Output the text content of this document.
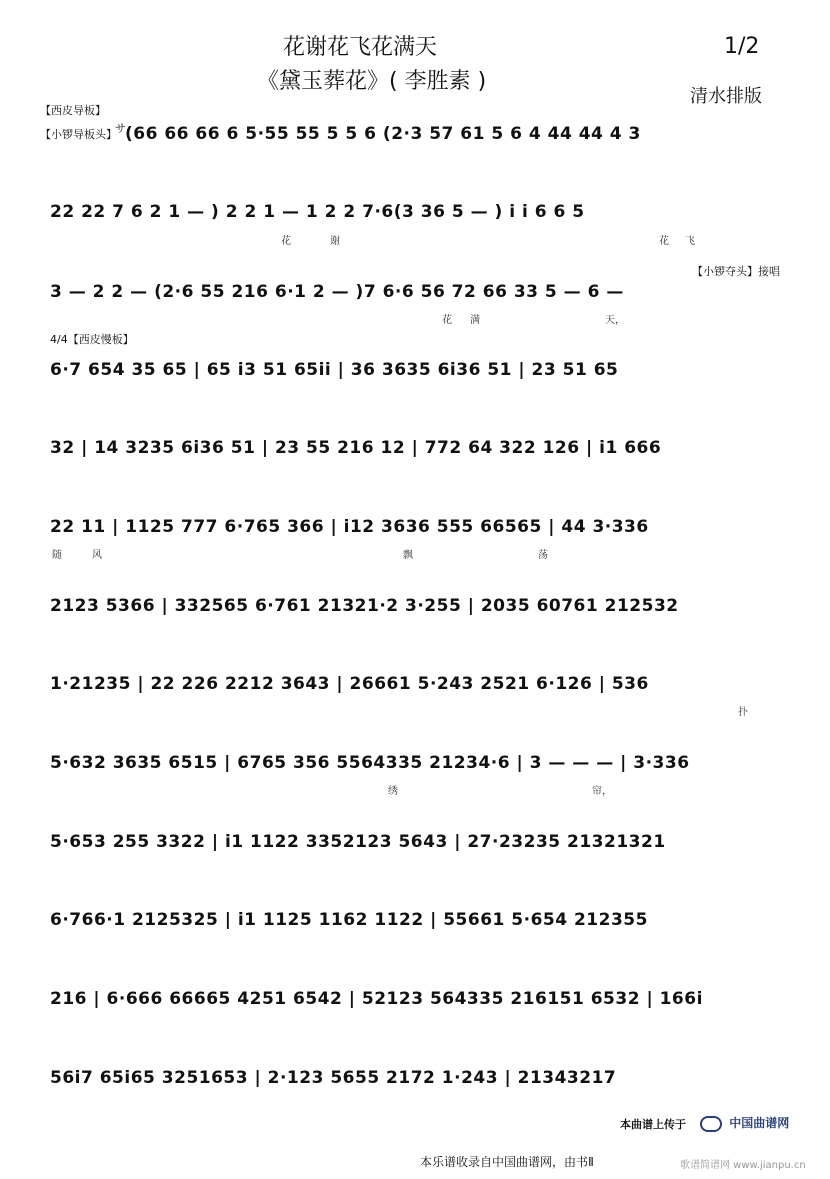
花谢花飞花满天
《黛玉葬花》( 李胜素 )
1/2
清水排版
【西皮导板】
【小锣导板头】
サ
【小锣夺头】接唱
4/4【西皮慢板】
(66 66 66 6 5·55 55 5 5 6 (2·3 57 61 5 6 4 44 44 4 3
22 22 7 6 2 1 — ) 2 2 1 — 1 2 2 7·6(3 36 5 — ) i i 6 6 5
3 — 2 2 — (2·6 55 216 6·1 2 — )7 6·6 56 72 66 33 5 — 6 —
6·7 654 35 65 | 65 i3 51 65ii | 36 3635 6i36 51 | 23 51 65
32 | 14 3235 6i36 51 | 23 55 216 12 | 772 64 322 126 | i1 666
22 11 | 1125 777 6·765 366 | i12 3636 555 66565 | 44 3·336
2123 5366 | 332565 6·761 21321·2 3·255 | 2035 60761 212532
1·21235 | 22 226 2212 3643 | 26661 5·243 2521 6·126 | 536
5·632 3635 6515 | 6765 356 5564335 21234·6 | 3 — — — | 3·336
5·653 255 3322 | i1 1122 3352123 5643 | 27·23235 21321321
6·766·1 2125325 | i1 1125 1162 1122 | 55661 5·654 212355
216 | 6·666 66665 4251 6542 | 52123 564335 216151 6532 | 166i
56i7 65i65 3251653 | 2·123 5655 2172 1·243 | 21343217
花	谢	花 飞
花 满	天，
随	风	飘	荡
扑
绣	帘，
本曲谱上传于	中国曲谱网
本乐谱收录自中国曲谱网，由书Ⅱ	歌谱简谱网 www.jianpu.cn
